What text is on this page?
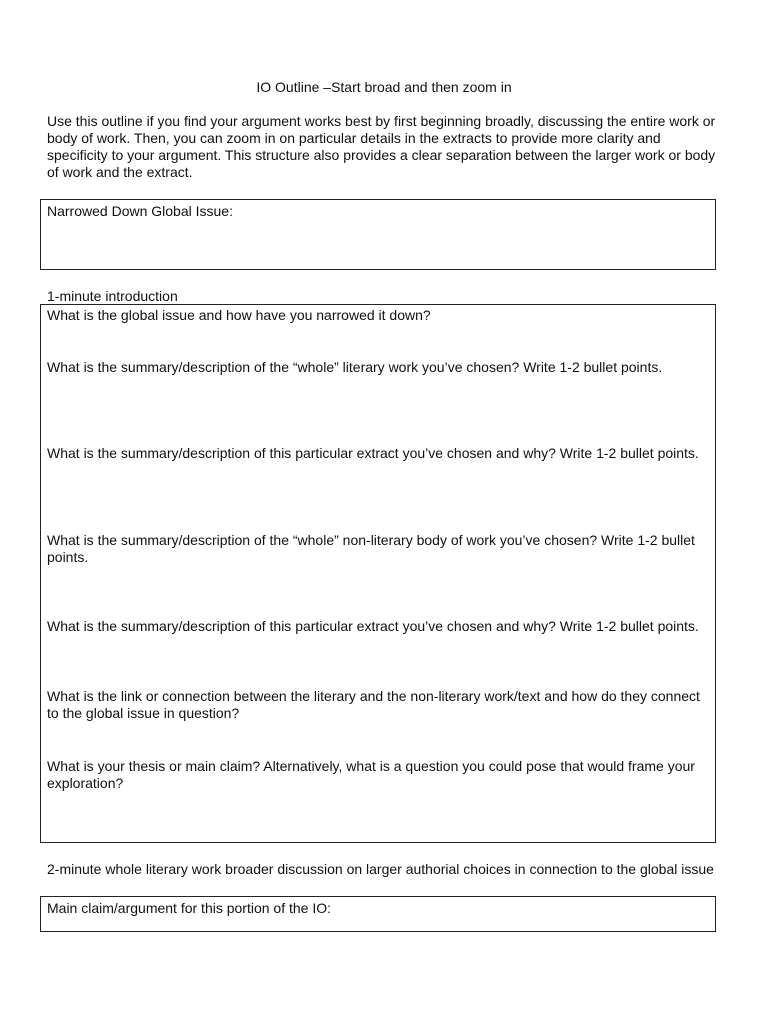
IO Outline –Start broad and then zoom in

Use this outline if you find your argument works best by first beginning broadly, discussing the entire work or body of work. Then, you can zoom in on particular details in the extracts to provide more clarity and specificity to your argument. This structure also provides a clear separation between the larger work or body of work and the extract.

Narrowed Down Global Issue:

1-minute introduction

What is the global issue and how have you narrowed it down?

What is the summary/description of the “whole” literary work you’ve chosen? Write 1-2 bullet points.

What is the summary/description of this particular extract you’ve chosen and why? Write 1-2 bullet points.

What is the summary/description of the “whole” non-literary body of work you’ve chosen? Write 1-2 bullet points.

What is the summary/description of this particular extract you’ve chosen and why? Write 1-2 bullet points.

What is the link or connection between the literary and the non-literary work/text and how do they connect to the global issue in question?

What is your thesis or main claim? Alternatively, what is a question you could pose that would frame your exploration?

2-minute whole literary work broader discussion on larger authorial choices in connection to the global issue

Main claim/argument for this portion of the IO:
